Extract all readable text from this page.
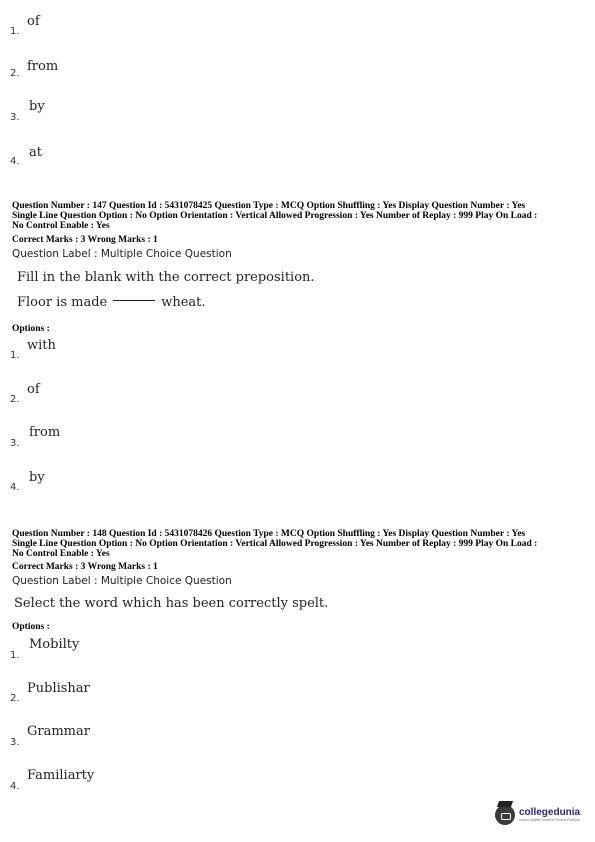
1.
of
2. from
3.
by
4.
at
Question Number : 147 Question Id : 5431078425 Question Type : MCQ Option Shuffling : Yes Display Question Number : Yes
Single Line Question Option : No Option Orientation : Vertical Allowed Progression : Yes Number of Replay : 999 Play On Load :
No Control Enable : Yes
Correct Marks : 3 Wrong Marks : 1
Question Label : Multiple Choice Question
Fill in the blank with the correct preposition.
Floor is made	wheat.
Options :
1.
with
2.
of
3.
from
4.
by
Question Number : 148 Question Id : 5431078426 Question Type : MCQ Option Shuffling : Yes Display Question Number : Yes
Single Line Question Option : No Option Orientation : Vertical Allowed Progression : Yes Number of Replay : 999 Play On Load :
No Control Enable : Yes
Correct Marks : 3 Wrong Marks : 1
Question Label : Multiple Choice Question
Select the word which has been correctly spelt.
Options :
1.
Mobilty
2.
Publishar
3.
Grammar
4.
Familiarty
collegedunia
India's largest Student Review Platform
